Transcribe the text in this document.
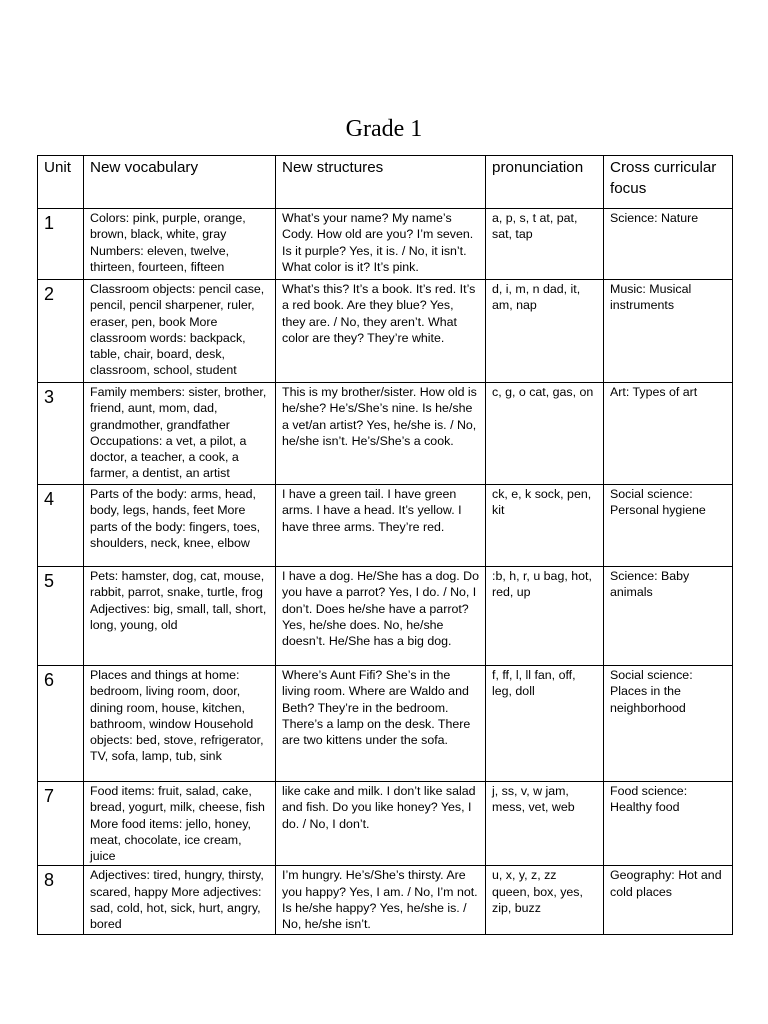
Grade 1
Unit	New vocabulary	New structures	pronunciation	Cross curricular focus
1	Colors: pink, purple, orange, brown, black, white, gray Numbers: eleven, twelve, thirteen, fourteen, fifteen	What’s your name? My name’s Cody. How old are you? I’m seven. Is it purple? Yes, it is. / No, it isn’t. What color is it? It’s pink.	a, p, s, t at, pat, sat, tap	Science: Nature
2	Classroom objects: pencil case, pencil, pencil sharpener, ruler, eraser, pen, book More classroom words: backpack, table, chair, board, desk, classroom, school, student	What’s this? It’s a book. It’s red. It’s a red book. Are they blue? Yes, they are. / No, they aren’t. What color are they? They’re white.	d, i, m, n dad, it, am, nap	Music: Musical instruments
3	Family members: sister, brother, friend, aunt, mom, dad, grandmother, grandfather Occupations: a vet, a pilot, a doctor, a teacher, a cook, a farmer, a dentist, an artist	This is my brother/sister. How old is he/she? He’s/She’s nine. Is he/she a vet/an artist? Yes, he/she is. / No, he/she isn’t. He’s/She’s a cook.	c, g, o cat, gas, on	Art: Types of art
4	Parts of the body: arms, head, body, legs, hands, feet More parts of the body: fingers, toes, shoulders, neck, knee, elbow	I have a green tail. I have green arms. I have a head. It’s yellow. I have three arms. They’re red.	ck, e, k sock, pen, kit	Social science: Personal hygiene
5	Pets: hamster, dog, cat, mouse, rabbit, parrot, snake, turtle, frog Adjectives: big, small, tall, short, long, young, old	I have a dog. He/She has a dog. Do you have a parrot? Yes, I do. / No, I don’t. Does he/she have a parrot? Yes, he/she does. No, he/she doesn’t. He/She has a big dog.	:b, h, r, u bag, hot, red, up	Science: Baby animals
6	Places and things at home: bedroom, living room, door, dining room, house, kitchen, bathroom, window Household objects: bed, stove, refrigerator, TV, sofa, lamp, tub, sink	Where’s Aunt Fifi? She’s in the living room. Where are Waldo and Beth? They’re in the bedroom. There’s a lamp on the desk. There are two kittens under the sofa.	f, ff, l, ll fan, off, leg, doll	Social science: Places in the neighborhood
7	Food items: fruit, salad, cake, bread, yogurt, milk, cheese, fish More food items: jello, honey, meat, chocolate, ice cream, juice	like cake and milk. I don’t like salad and fish. Do you like honey? Yes, I do. / No, I don’t.	j, ss, v, w jam, mess, vet, web	Food science: Healthy food
8	Adjectives: tired, hungry, thirsty, scared, happy More adjectives: sad, cold, hot, sick, hurt, angry, bored	I’m hungry. He’s/She’s thirsty. Are you happy? Yes, I am. / No, I’m not. Is he/she happy? Yes, he/she is. / No, he/she isn’t.	u, x, y, z, zz queen, box, yes, zip, buzz	Geography: Hot and cold places
